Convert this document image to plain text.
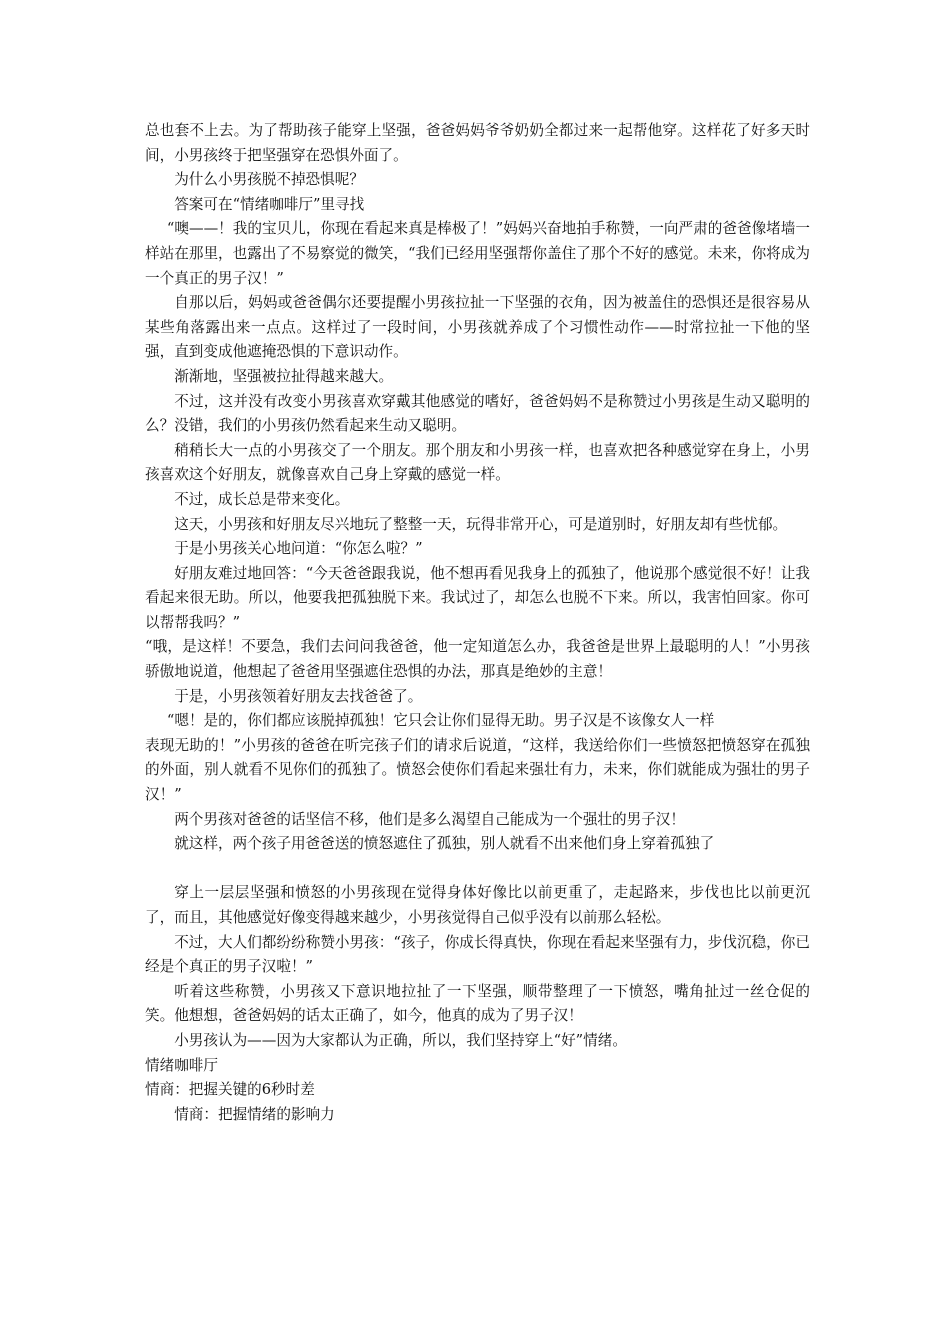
总也套不上去。为了帮助孩子能穿上坚强，爸爸妈妈爷爷奶奶全都过来一起帮他穿。这样花了好多天时间，小男孩终于把坚强穿在恐惧外面了。

为什么小男孩脱不掉恐惧呢？

答案可在“情绪咖啡厅”里寻找

“噢——！我的宝贝儿，你现在看起来真是棒极了！”妈妈兴奋地拍手称赞，一向严肃的爸爸像堵墙一样站在那里，也露出了不易察觉的微笑，“我们已经用坚强帮你盖住了那个不好的感觉。未来，你将成为一个真正的男子汉！”

自那以后，妈妈或爸爸偶尔还要提醒小男孩拉扯一下坚强的衣角，因为被盖住的恐惧还是很容易从某些角落露出来一点点。这样过了一段时间，小男孩就养成了个习惯性动作——时常拉扯一下他的坚强，直到变成他遮掩恐惧的下意识动作。

渐渐地，坚强被拉扯得越来越大。

不过，这并没有改变小男孩喜欢穿戴其他感觉的嗜好，爸爸妈妈不是称赞过小男孩是生动又聪明的么？没错，我们的小男孩仍然看起来生动又聪明。

稍稍长大一点的小男孩交了一个朋友。那个朋友和小男孩一样，也喜欢把各种感觉穿在身上，小男孩喜欢这个好朋友，就像喜欢自己身上穿戴的感觉一样。

不过，成长总是带来变化。

这天，小男孩和好朋友尽兴地玩了整整一天，玩得非常开心，可是道别时，好朋友却有些忧郁。

于是小男孩关心地问道：“你怎么啦？”

好朋友难过地回答：“今天爸爸跟我说，他不想再看见我身上的孤独了，他说那个感觉很不好！让我看起来很无助。所以，他要我把孤独脱下来。我试过了，却怎么也脱不下来。所以，我害怕回家。你可以帮帮我吗？”

“哦，是这样！不要急，我们去问问我爸爸，他一定知道怎么办，我爸爸是世界上最聪明的人！”小男孩骄傲地说道，他想起了爸爸用坚强遮住恐惧的办法，那真是绝妙的主意！

于是，小男孩领着好朋友去找爸爸了。

“嗯！是的，你们都应该脱掉孤独！它只会让你们显得无助。男子汉是不该像女人一样

表现无助的！”小男孩的爸爸在听完孩子们的请求后说道，“这样，我送给你们一些愤怒把愤怒穿在孤独的外面，别人就看不见你们的孤独了。愤怒会使你们看起来强壮有力，未来，你们就能成为强壮的男子汉！”

两个男孩对爸爸的话坚信不移，他们是多么渴望自己能成为一个强壮的男子汉！

就这样，两个孩子用爸爸送的愤怒遮住了孤独，别人就看不出来他们身上穿着孤独了

穿上一层层坚强和愤怒的小男孩现在觉得身体好像比以前更重了，走起路来，步伐也比以前更沉了，而且，其他感觉好像变得越来越少，小男孩觉得自己似乎没有以前那么轻松。

不过，大人们都纷纷称赞小男孩：“孩子，你成长得真快，你现在看起来坚强有力，步伐沉稳，你已经是个真正的男子汉啦！”

听着这些称赞，小男孩又下意识地拉扯了一下坚强，顺带整理了一下愤怒，嘴角扯过一丝仓促的笑。他想想，爸爸妈妈的话太正确了，如今，他真的成为了男子汉！

小男孩认为——因为大家都认为正确，所以，我们坚持穿上“好”情绪。

情绪咖啡厅

情商：把握关键的6秒时差

情商：把握情绪的影响力
